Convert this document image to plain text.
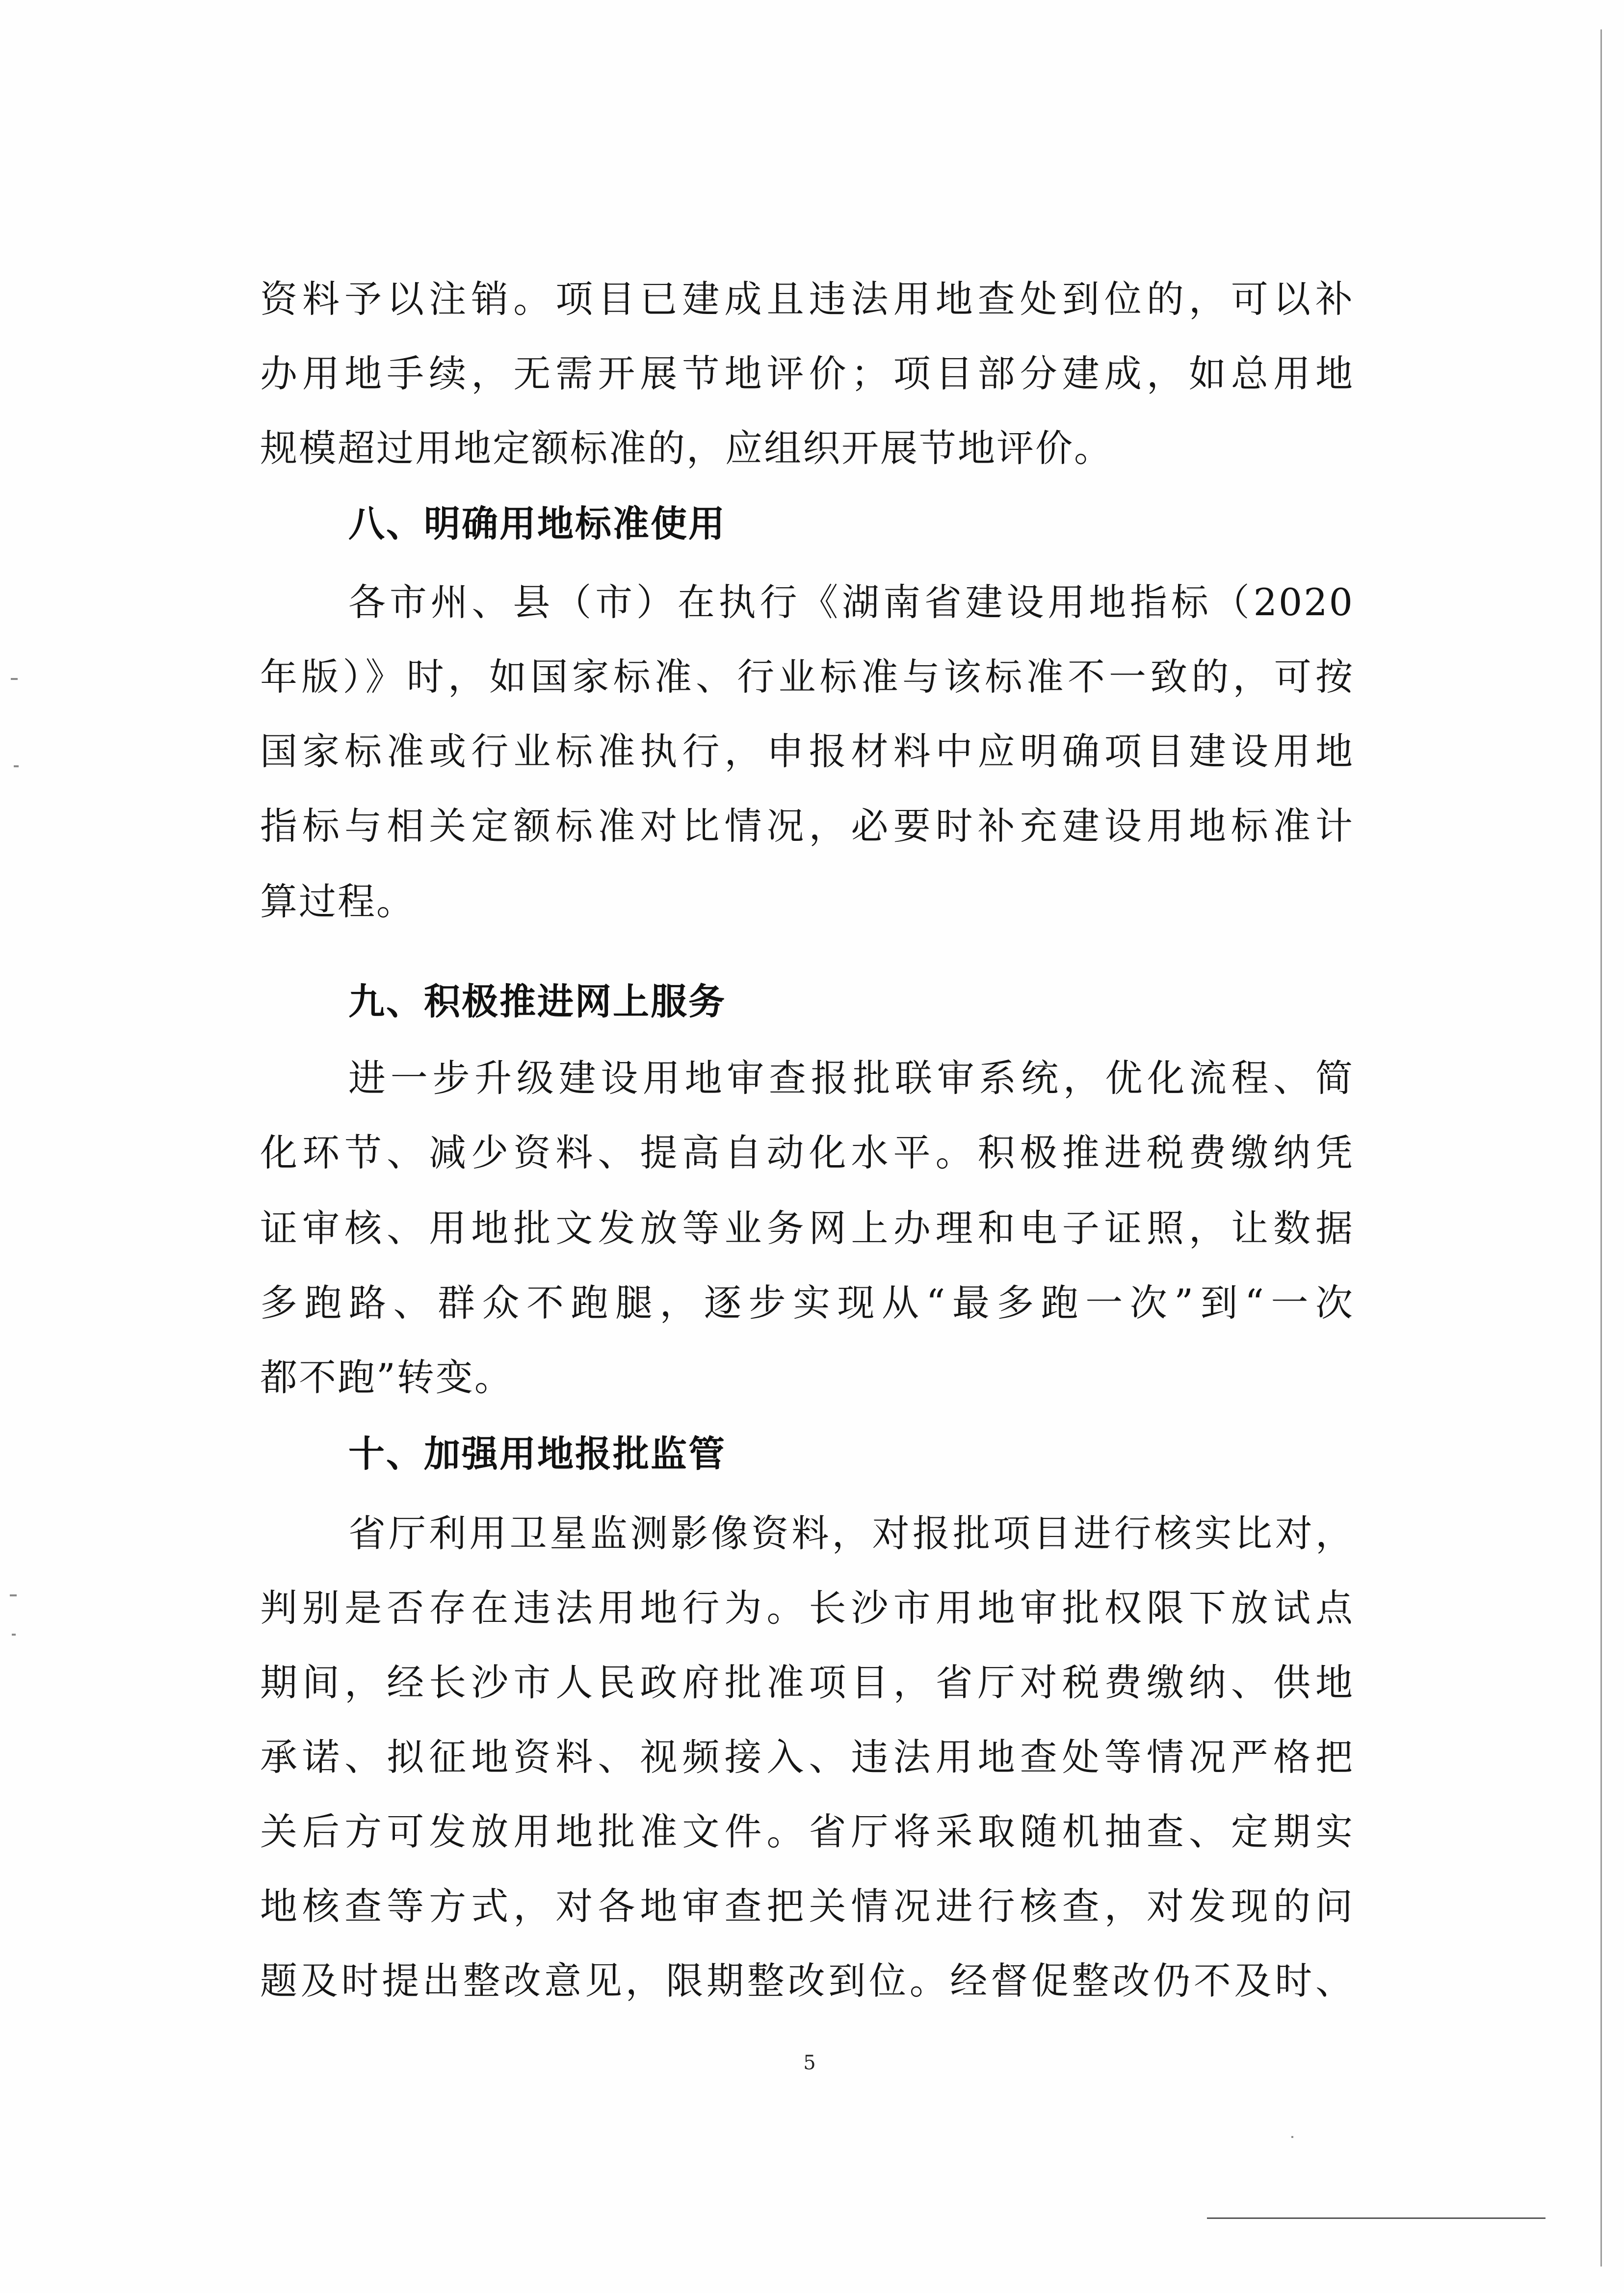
资料予以注销。项目已建成且违法用地查处到位的，可以补
办用地手续，无需开展节地评价；项目部分建成，如总用地
规模超过用地定额标准的，应组织开展节地评价。
八、明确用地标准使用
各市州、县（市）在执行《湖南省建设用地指标（2020
年版）》时，如国家标准、行业标准与该标准不一致的，可按
国家标准或行业标准执行，申报材料中应明确项目建设用地
指标与相关定额标准对比情况，必要时补充建设用地标准计
算过程。
九、积极推进网上服务
进一步升级建设用地审查报批联审系统，优化流程、简
化环节、减少资料、提高自动化水平。积极推进税费缴纳凭
证审核、用地批文发放等业务网上办理和电子证照，让数据
多跑路、群众不跑腿，逐步实现从“最多跑一次”到“一次
都不跑”转变。
十、加强用地报批监管
省厅利用卫星监测影像资料，对报批项目进行核实比对，
判别是否存在违法用地行为。长沙市用地审批权限下放试点
期间，经长沙市人民政府批准项目，省厅对税费缴纳、供地
承诺、拟征地资料、视频接入、违法用地查处等情况严格把
关后方可发放用地批准文件。省厅将采取随机抽查、定期实
地核查等方式，对各地审查把关情况进行核查，对发现的问
题及时提出整改意见，限期整改到位。经督促整改仍不及时、
5
